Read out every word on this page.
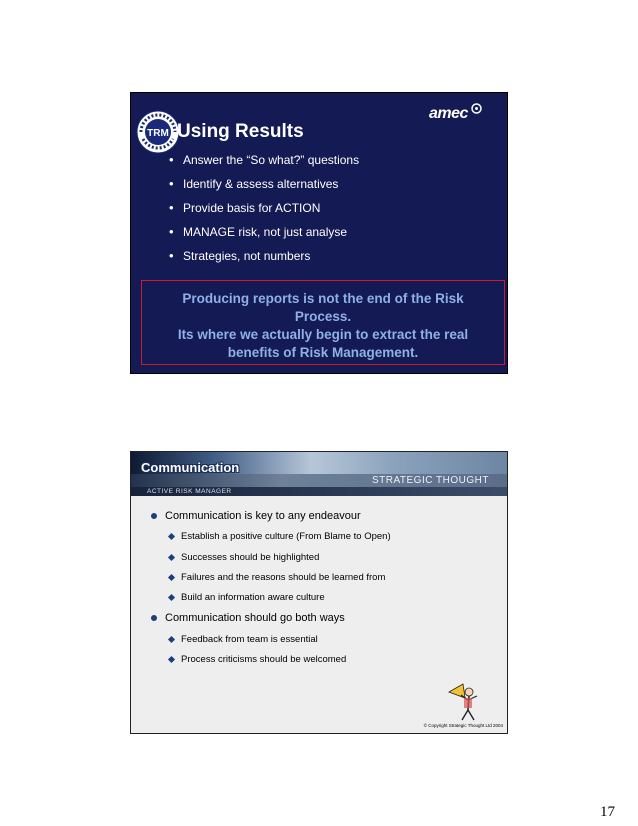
TRM
amec
Using Results
• Answer the “So what?” questions
• Identify & assess alternatives
• Provide basis for ACTION
• MANAGE risk, not just analyse
• Strategies, not numbers
Producing reports is not the end of the Risk
Process.
Its where we actually begin to extract the real
benefits of Risk Management.
Communication
STRATEGIC THOUGHT
ACTIVE RISK MANAGER
Communication is key to any endeavour
Establish a positive culture (From Blame to Open)
Successes should be highlighted
Failures and the reasons should be learned from
Build an information aware culture
Communication should go both ways
Feedback from team is essential
Process criticisms should be welcomed
© Copyright Strategic Thought Ltd 2004
17
